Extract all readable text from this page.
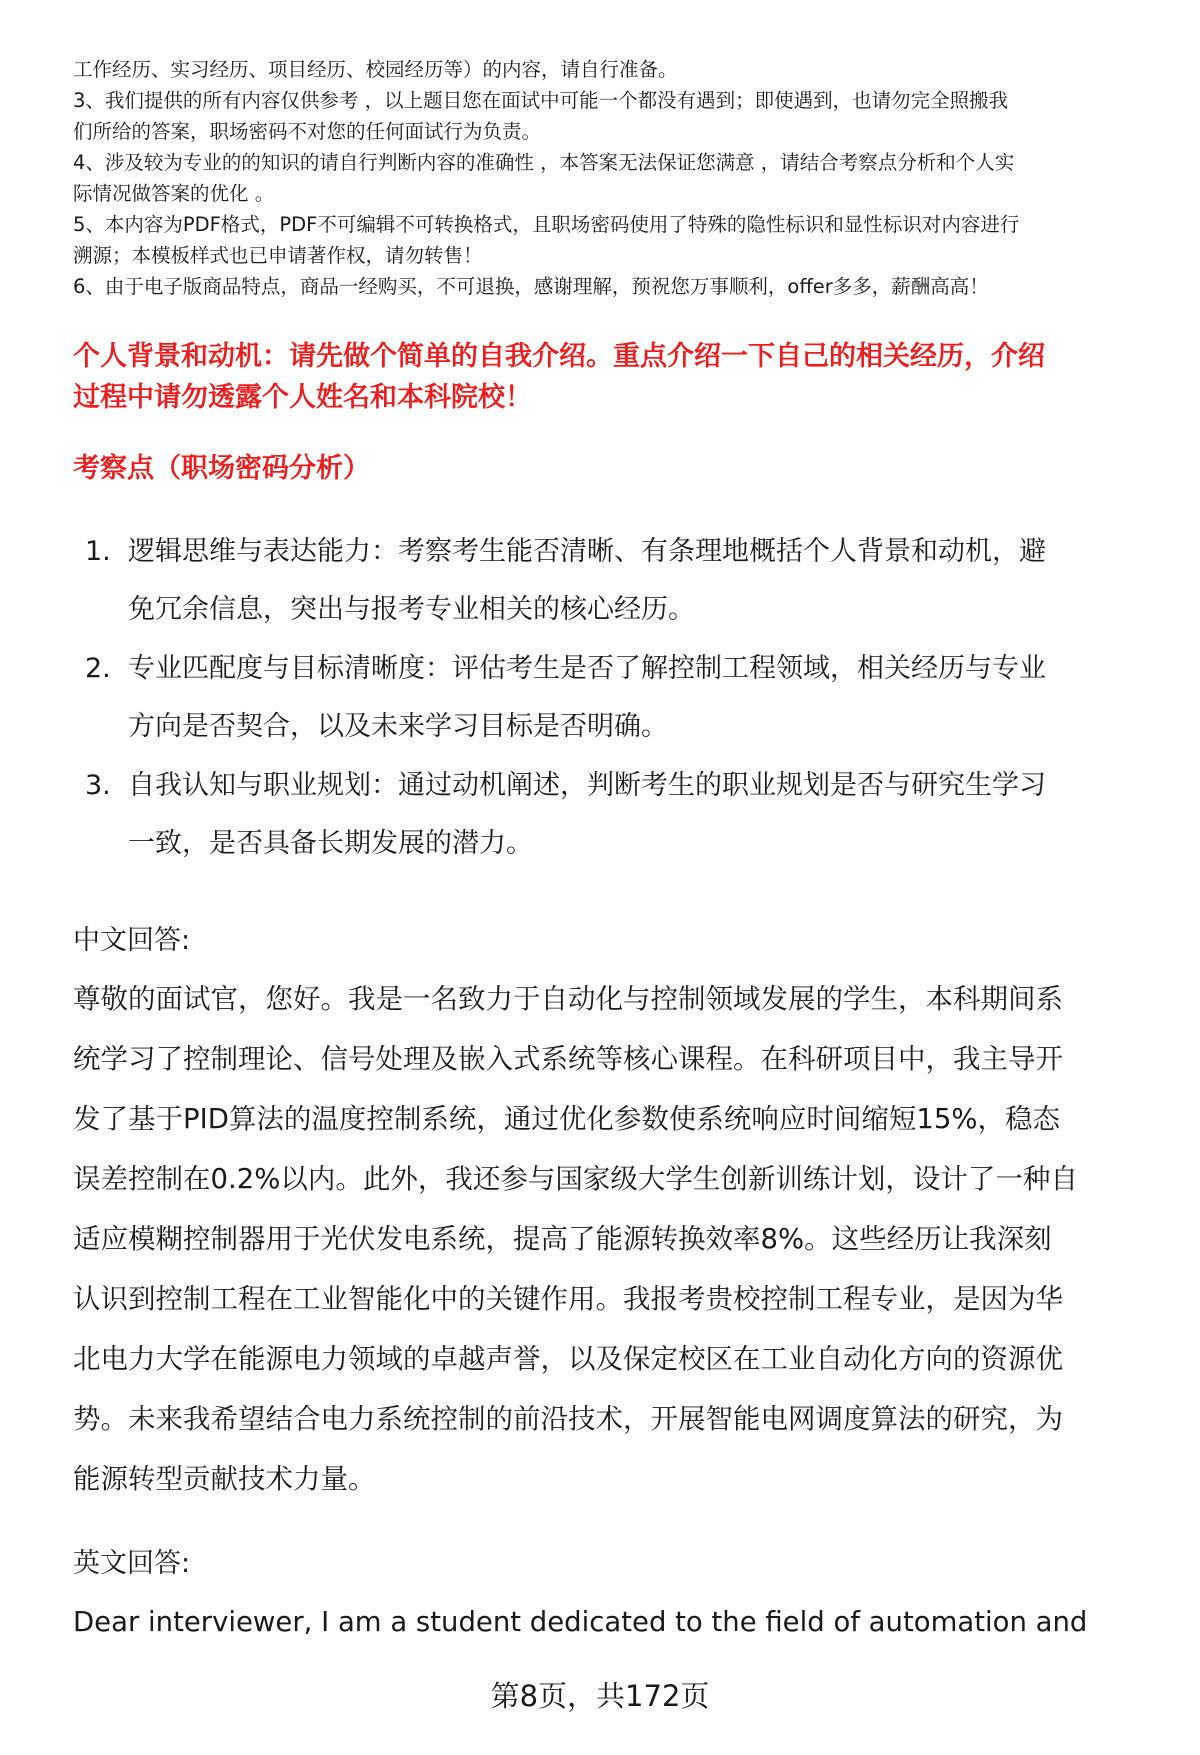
工作经历、实习经历、项目经历、校园经历等）的内容，请自行准备。
3、我们提供的所有内容仅供参考 ，以上题目您在面试中可能一个都没有遇到；即使遇到，也请勿完全照搬我
们所给的答案，职场密码不对您的任何面试行为负责。
4、涉及较为专业的的知识的请自行判断内容的准确性 ，本答案无法保证您满意 ，请结合考察点分析和个人实
际情况做答案的优化 。
5、本内容为PDF格式，PDF不可编辑不可转换格式，且职场密码使用了特殊的隐性标识和显性标识对内容进行
溯源；本模板样式也已申请著作权，请勿转售！
6、由于电子版商品特点，商品一经购买，不可退换，感谢理解，预祝您万事顺利，offer多多，薪酬高高！
个人背景和动机：请先做个简单的自我介绍。重点介绍一下自己的相关经历，介绍
过程中请勿透露个人姓名和本科院校！
考察点（职场密码分析）
1. 逻辑思维与表达能力：考察考生能否清晰、有条理地概括个人背景和动机，避
免冗余信息，突出与报考专业相关的核心经历。
2. 专业匹配度与目标清晰度：评估考生是否了解控制工程领域，相关经历与专业
方向是否契合，以及未来学习目标是否明确。
3. 自我认知与职业规划：通过动机阐述，判断考生的职业规划是否与研究生学习
一致，是否具备长期发展的潜力。
中文回答:
尊敬的面试官，您好。我是一名致力于自动化与控制领域发展的学生，本科期间系
统学习了控制理论、信号处理及嵌入式系统等核心课程。在科研项目中，我主导开
发了基于PID算法的温度控制系统，通过优化参数使系统响应时间缩短15%，稳态
误差控制在0.2%以内。此外，我还参与国家级大学生创新训练计划，设计了一种自
适应模糊控制器用于光伏发电系统，提高了能源转换效率8%。这些经历让我深刻
认识到控制工程在工业智能化中的关键作用。我报考贵校控制工程专业，是因为华
北电力大学在能源电力领域的卓越声誉，以及保定校区在工业自动化方向的资源优
势。未来我希望结合电力系统控制的前沿技术，开展智能电网调度算法的研究，为
能源转型贡献技术力量。
英文回答:
Dear interviewer, I am a student dedicated to the field of automation and
第8页，共172页
